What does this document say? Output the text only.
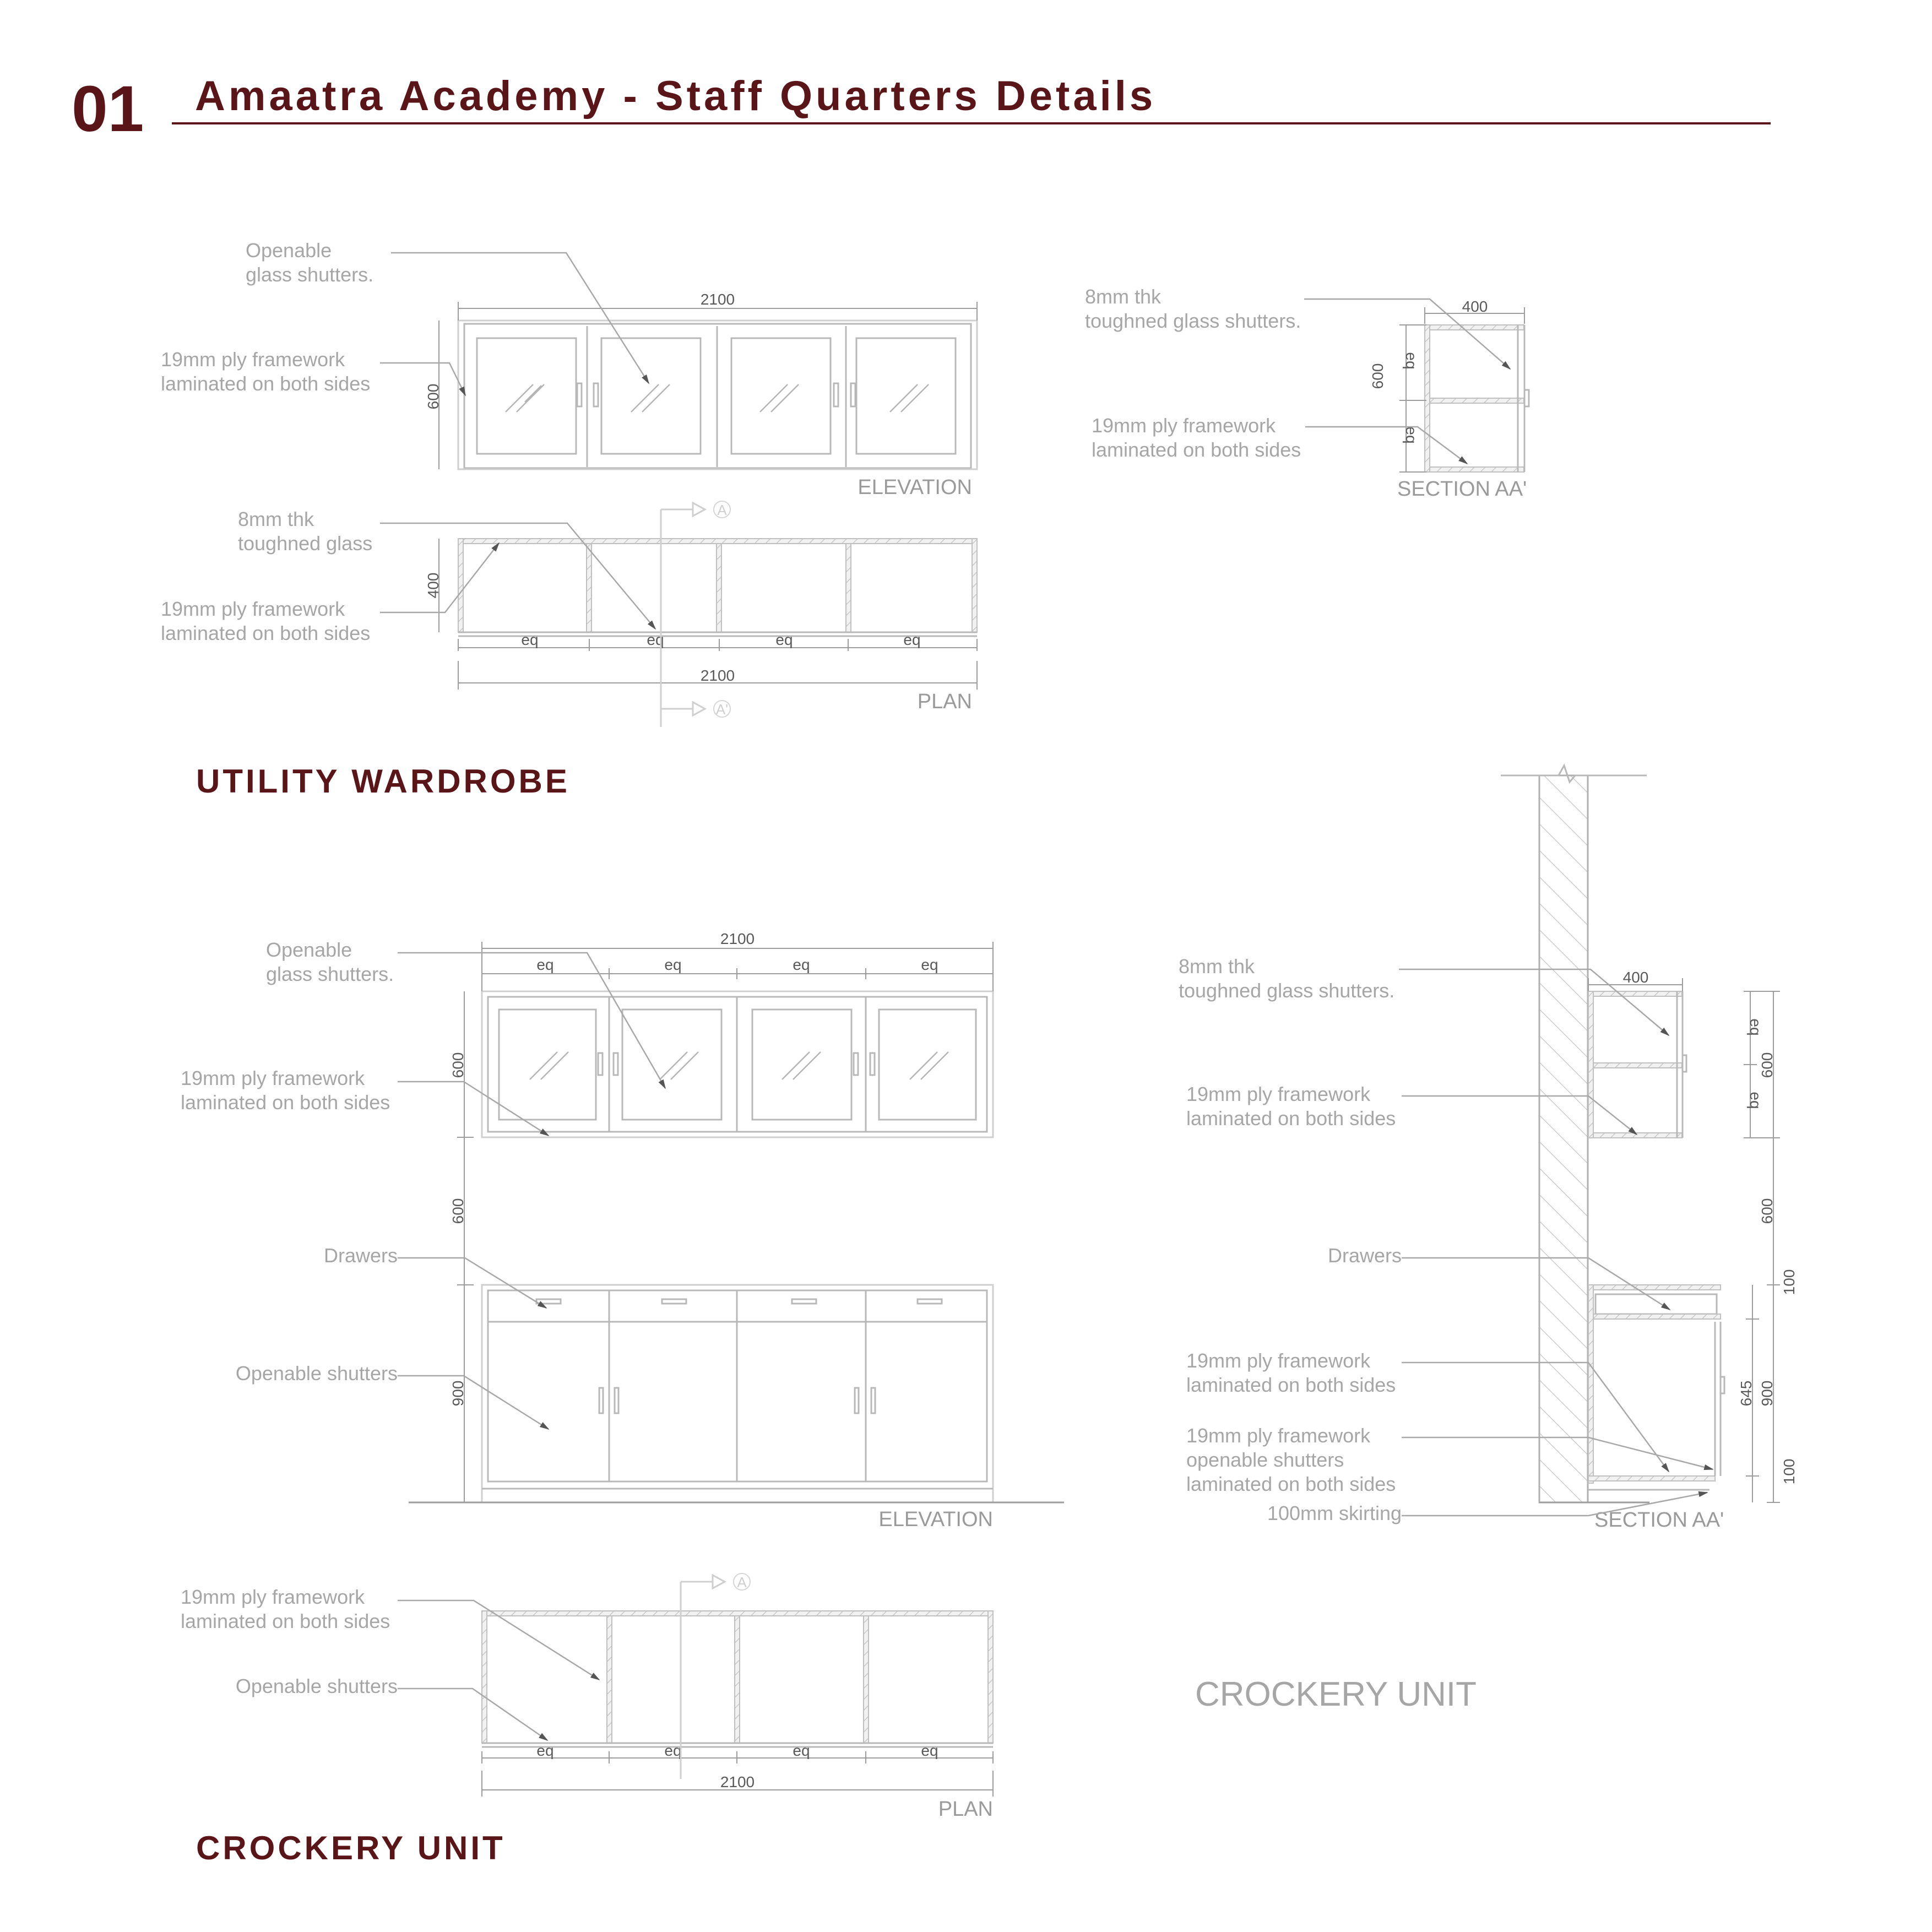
01 Amaatra Academy - Staff Quarters Details
2100
600
ELEVATION
Openable
glass shutters.
19mm ply framework
laminated on both sides
eq	eq	eq	eq
2100
400
PLAN
A
A'
8mm thk
toughned glass
19mm ply framework
laminated on both sides
400
600
eq
eq
SECTION AA'
8mm thk
toughned glass shutters.
19mm ply framework
laminated on both sides
UTILITY WARDROBE
2100
eq	eq	eq	eq
600
600
900
ELEVATION
Openable
glass shutters.
19mm ply framework
laminated on both sides
Drawers
Openable shutters
eq	eq	eq	eq
2100
PLAN
A
19mm ply framework
laminated on both sides
Openable shutters
CROCKERY UNIT
400
eq
eq
600
600
100
645 900
100
SECTION AA'
8mm thk
toughned glass shutters.
19mm ply framework
laminated on both sides
Drawers
19mm ply framework
laminated on both sides
19mm ply framework
openable shutters
laminated on both sides
100mm skirting
CROCKERY UNIT
